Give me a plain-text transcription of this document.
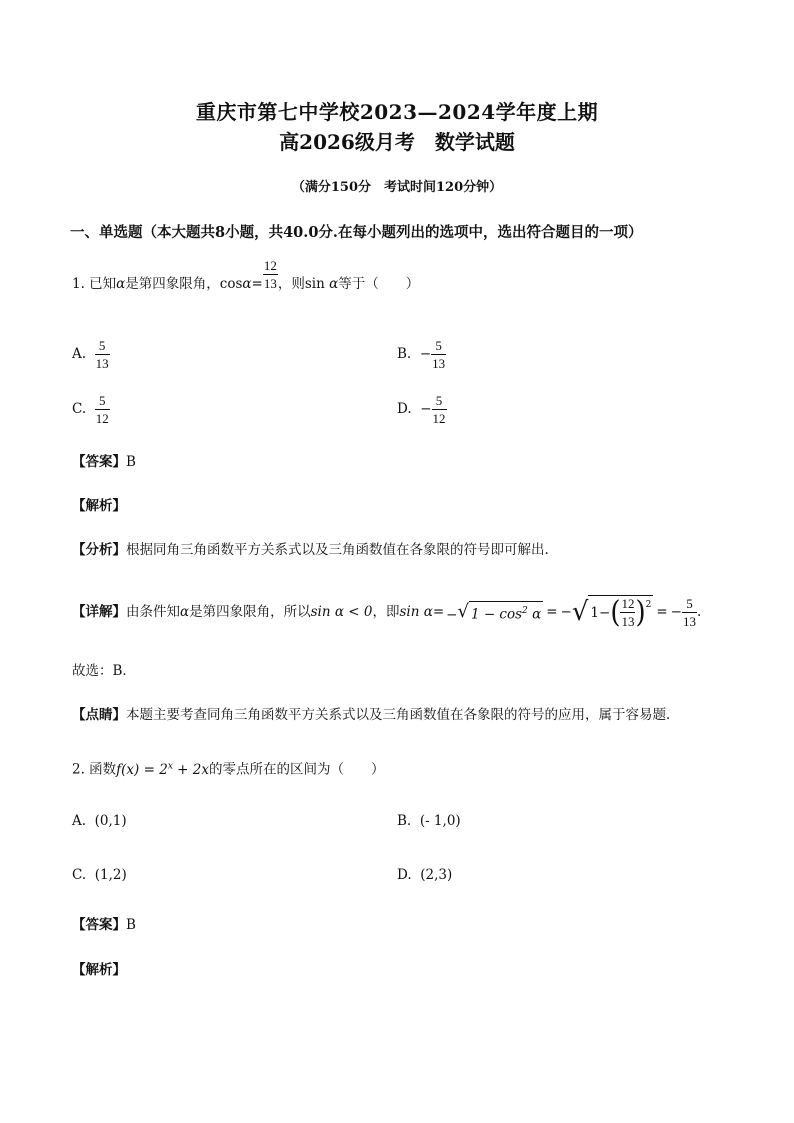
重庆市第七中学校2023—2024学年度上期
高2026级月考　数学试题
（满分150分　考试时间120分钟）
一、单选题（本大题共8小题，共40.0分.在每小题列出的选项中，选出符合题目的一项）
1. 已知α是第四象限角，$\cos\alpha= \frac{12}{13}$ ，则sin α等于（　　）
A. $\frac{5}{13}$	B. − $\frac{5}{13}$
C. $\frac{5}{12}$	D. − $\frac{5}{12}$
【答案】B
【解析】
【分析】根据同角三角函数平方关系式以及三角函数值在各象限的符号即可解出.
【详解】 由条件知 α 是第四象限角，所以 sin α < 0 ，即 sin α = − √ $1 - \cos^2 \alpha$ = − √ 1− ( $\frac{12}{13} )^2$ = − $\frac{5}{13}$ .
故选：B．
【点睛】本题主要考查同角三角函数平方关系式以及三角函数值在各象限的符号的应用，属于容易题．
2. 函数$f(x) = 2^x + 2x$的零点所在的区间为（　　）
A. (0,1)	B. (- 1,0)
C. (1,2)	D. (2,3)
【答案】B
【解析】
